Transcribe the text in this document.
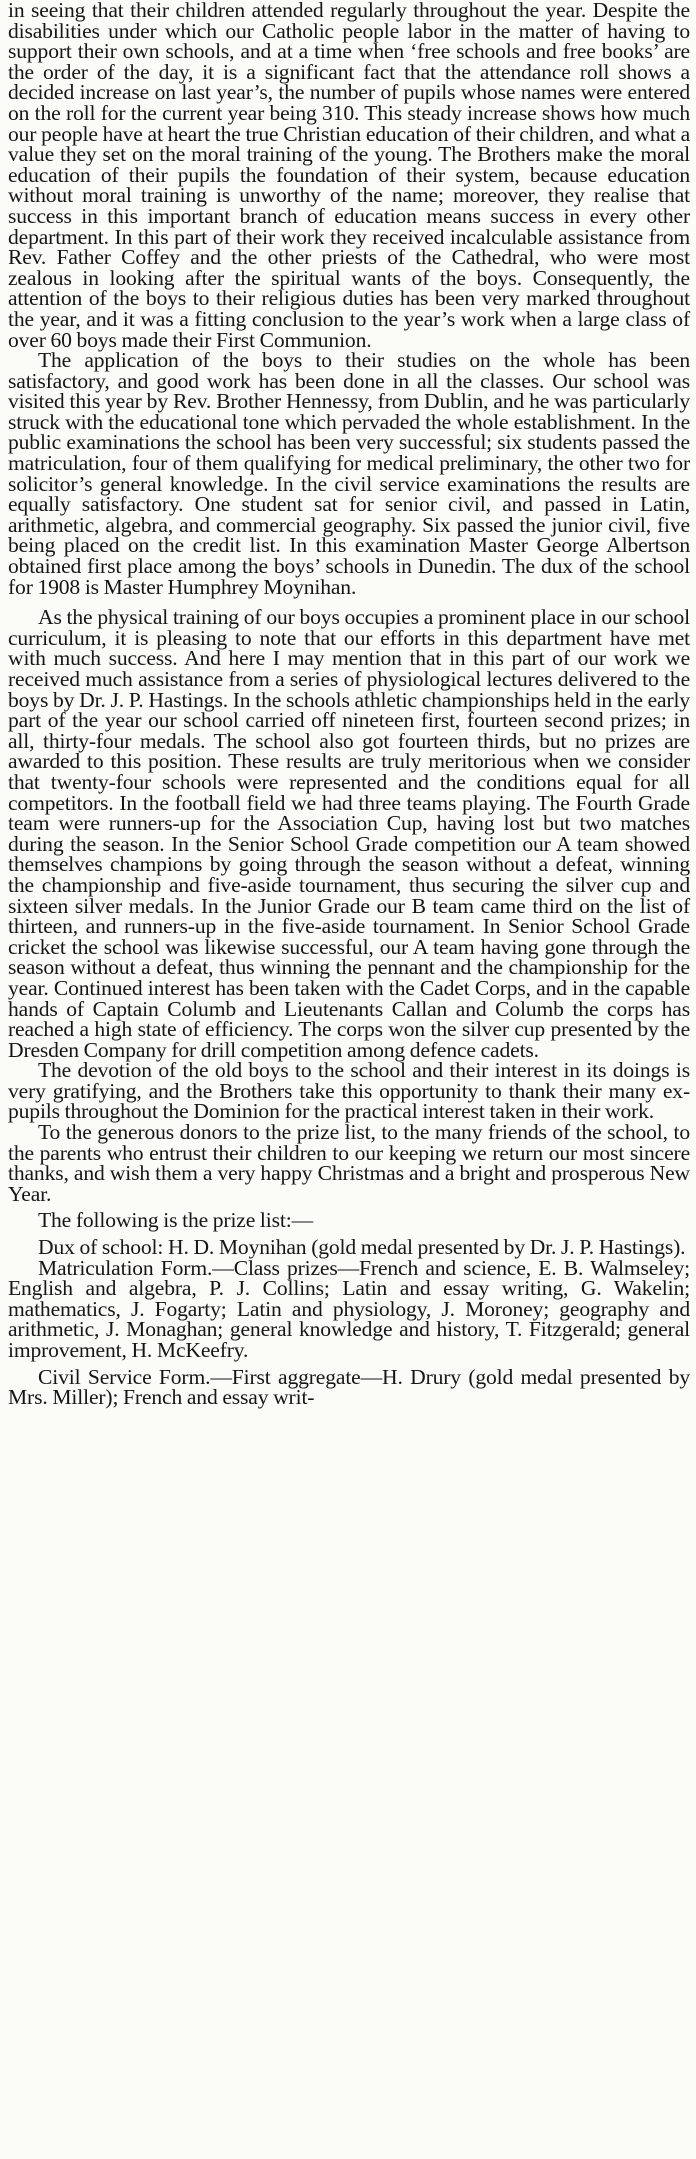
in seeing that their children attended regularly throughout the year. Despite the disabilities under which our Catholic people labor in the matter of having to support their own schools, and at a time when ‘free schools and free books’ are the order of the day, it is a significant fact that the attendance roll shows a decided increase on last year’s, the number of pupils whose names were entered on the roll for the current year being 310. This steady increase shows how much our people have at heart the true Christian education of their children, and what a value they set on the moral training of the young. The Brothers make the moral education of their pupils the foundation of their system, because education without moral training is unworthy of the name; moreover, they realise that success in this important branch of education means success in every other department. In this part of their work they received incalculable assistance from Rev. Father Coffey and the other priests of the Cathedral, who were most zealous in looking after the spiritual wants of the boys. Consequently, the attention of the boys to their religious duties has been very marked throughout the year, and it was a fitting conclusion to the year’s work when a large class of over 60 boys made their First Communion.

The application of the boys to their studies on the whole has been satisfactory, and good work has been done in all the classes. Our school was visited this year by Rev. Brother Hennessy, from Dublin, and he was particularly struck with the educational tone which pervaded the whole establishment. In the public examinations the school has been very successful; six students passed the matriculation, four of them qualifying for medical preliminary, the other two for solicitor’s general knowledge. In the civil service examinations the results are equally satisfactory. One student sat for senior civil, and passed in Latin, arithmetic, algebra, and commercial geography. Six passed the junior civil, five being placed on the credit list. In this examination Master George Albertson obtained first place among the boys’ schools in Dunedin. The dux of the school for 1908 is Master Humphrey Moynihan.

As the physical training of our boys occupies a prominent place in our school curriculum, it is pleasing to note that our efforts in this department have met with much success. And here I may mention that in this part of our work we received much assistance from a series of physiological lectures delivered to the boys by Dr. J. P. Hastings. In the schools athletic championships held in the early part of the year our school carried off nineteen first, fourteen second prizes; in all, thirty-four medals. The school also got fourteen thirds, but no prizes are awarded to this position. These results are truly meritorious when we consider that twenty-four schools were represented and the conditions equal for all competitors. In the football field we had three teams playing. The Fourth Grade team were runners-up for the Association Cup, having lost but two matches during the season. In the Senior School Grade competition our A team showed themselves champions by going through the season without a defeat, winning the championship and five-aside tournament, thus securing the silver cup and sixteen silver medals. In the Junior Grade our B team came third on the list of thirteen, and runners-up in the five-aside tournament. In Senior School Grade cricket the school was likewise successful, our A team having gone through the season without a defeat, thus winning the pennant and the championship for the year. Continued interest has been taken with the Cadet Corps, and in the capable hands of Captain Columb and Lieutenants Callan and Columb the corps has reached a high state of efficiency. The corps won the silver cup presented by the Dresden Company for drill competition among defence cadets.

The devotion of the old boys to the school and their interest in its doings is very gratifying, and the Brothers take this opportunity to thank their many ex-pupils throughout the Dominion for the practical interest taken in their work.

To the generous donors to the prize list, to the many friends of the school, to the parents who entrust their children to our keeping we return our most sincere thanks, and wish them a very happy Christmas and a bright and prosperous New Year.

The following is the prize list:—

Dux of school: H. D. Moynihan (gold medal presented by Dr. J. P. Hastings).

Matriculation Form.—Class prizes—French and science, E. B. Walmseley; English and algebra, P. J. Collins; Latin and essay writing, G. Wakelin; mathematics, J. Fogarty; Latin and physiology, J. Moroney; geography and arithmetic, J. Monaghan; general knowledge and history, T. Fitzgerald; general improvement, H. McKeefry.

Civil Service Form.—First aggregate—H. Drury (gold medal presented by Mrs. Miller); French and essay writ-
